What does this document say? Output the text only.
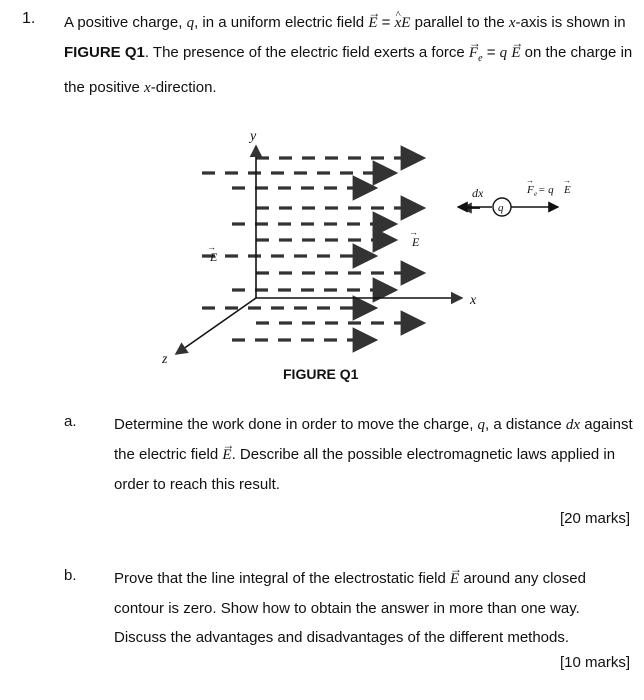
1. A positive charge, q, in a uniform electric field → E = ^ xE parallel to the x-axis is shown in FIGURE Q1. The presence of the electric field exerts a force → $F_e = q \to E$ on the charge in the positive x-direction.
y
x
z
E
→	E
→
q
dx	F
→
e = q E
→
FIGURE Q1
a. Determine the work done in order to move the charge, q, a distance dx against the electric field → E. Describe all the possible electromagnetic laws applied in order to reach this result.
[20 marks]
b. Prove that the line integral of the electrostatic field → E around any closed contour is zero. Show how to obtain the answer in more than one way. Discuss the advantages and disadvantages of the different methods.
[10 marks]
